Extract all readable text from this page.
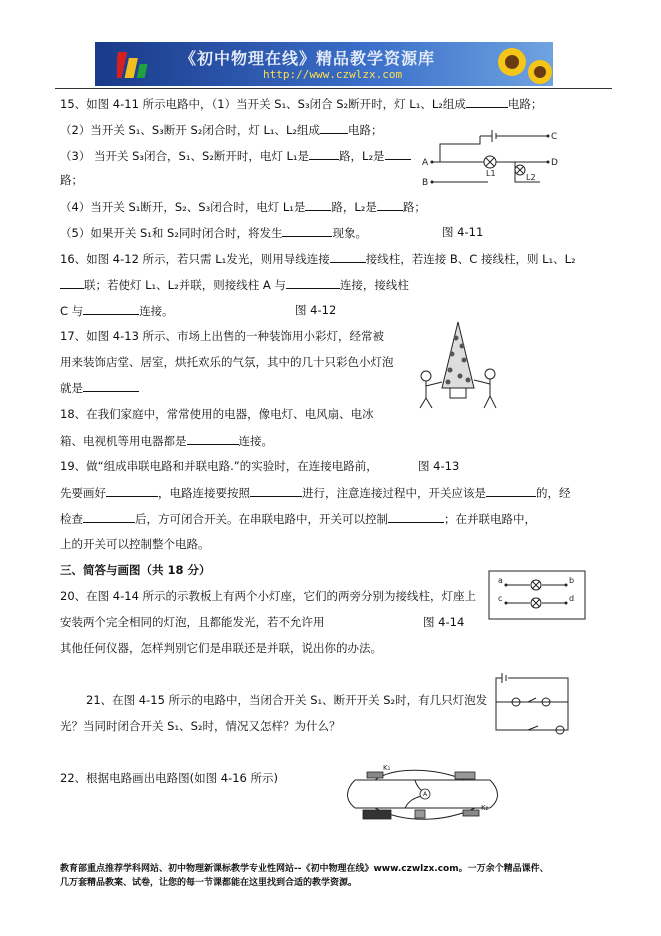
《初中物理在线》精品教学资源库
http://www.czwlzx.com
15、如图 4-11 所示电路中，（1）当开关 S₁、S₃闭合 S₂断开时，灯 L₁、L₂组成	电路；
（2）当开关 S₁、S₃断开 S₂闭合时，灯 L₁、L₂组成 电路；
（3） 当开关 S₃闭合，S₁、S₂断开时，电灯 L₁是	路，L₂是
路；
（4）当开关 S₁断开，S₂、S₃闭合时，电灯 L₁是 路，L₂是 路；
（5）如果开关 S₁和 S₂同时闭合时，将发生	现象。	图 4-11
A
B
C
D
L1	L2
16、如图 4-12 所示，若只需 L₁发光，则用导线连接	接线柱，若连接 B、C 接线柱，则 L₁、L₂
联；若使灯 L₁、L₂并联，则接线柱 A 与	连接，接线柱
C 与	连接。	图 4-12
17、如图 4-13 所示、市场上出售的一种装饰用小彩灯，经常被
用来装饰店堂、居室，烘托欢乐的气氛，其中的几十只彩色小灯泡
就是
18、在我们家庭中，常常使用的电器，像电灯、电风扇、电冰
箱、电视机等用电器都是	连接。
19、做“组成串联电路和并联电路.”的实验时，在连接电路前，	图 4-13
先要画好	，电路连接要按照	进行，注意连接过程中，开关应该是	的，经
检查	后，方可闭合开关。在串联电路中，开关可以控制	；在并联电路中，
上的开关可以控制整个电路。
三、简答与画图（共 18 分）
20、在图 4-14 所示的示教板上有两个小灯座，它们的两旁分别为接线柱，灯座上
安装两个完全相同的灯泡，且都能发光，若不允许用	图 4-14
其他任何仪器，怎样判别它们是串联还是并联，说出你的办法。
a	b
c	d
21、在图 4-15 所示的电路中，当闭合开关 S₁、断开开关 S₂时，有几只灯泡发
光？当同时闭合开关 S₁、S₂时，情况又怎样？为什么？
22、根据电路画出电路图(如图 4-16 所示)
K₁
A
K₂
教育部重点推荐学科网站、初中物理新课标教学专业性网站--《初中物理在线》www.czwlzx.com。一万余个精品课件、
几万套精品教案、试卷，让您的每一节课都能在这里找到合适的教学资源。
